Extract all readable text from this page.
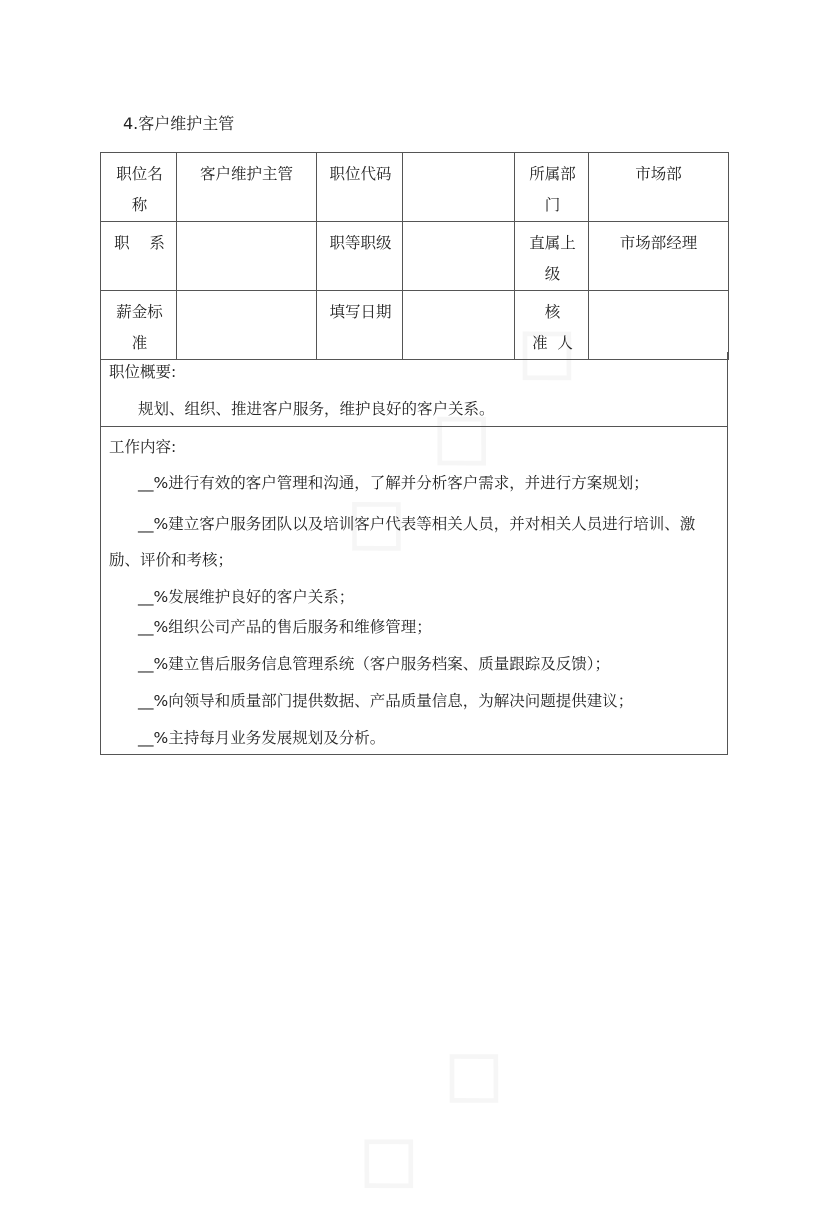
4.客户维护主管
职位名称	客户维护主管	职位代码		所属部门	市场部
职    系		职等职级		直属上级	市场部经理
薪金标准		填写日期		核 准  人	
职位概要:
规划、组织、推进客户服务，维护良好的客户关系。
工作内容:
__%进行有效的客户管理和沟通，了解并分析客户需求，并进行方案规划；
__%建立客户服务团队以及培训客户代表等相关人员，并对相关人员进行培训、激励、评价和考核；
__%发展维护良好的客户关系；
__%组织公司产品的售后服务和维修管理；
__%建立售后服务信息管理系统（客户服务档案、质量跟踪及反馈）；
__%向领导和质量部门提供数据、产品质量信息，为解决问题提供建议；
__%主持每月业务发展规划及分析。
